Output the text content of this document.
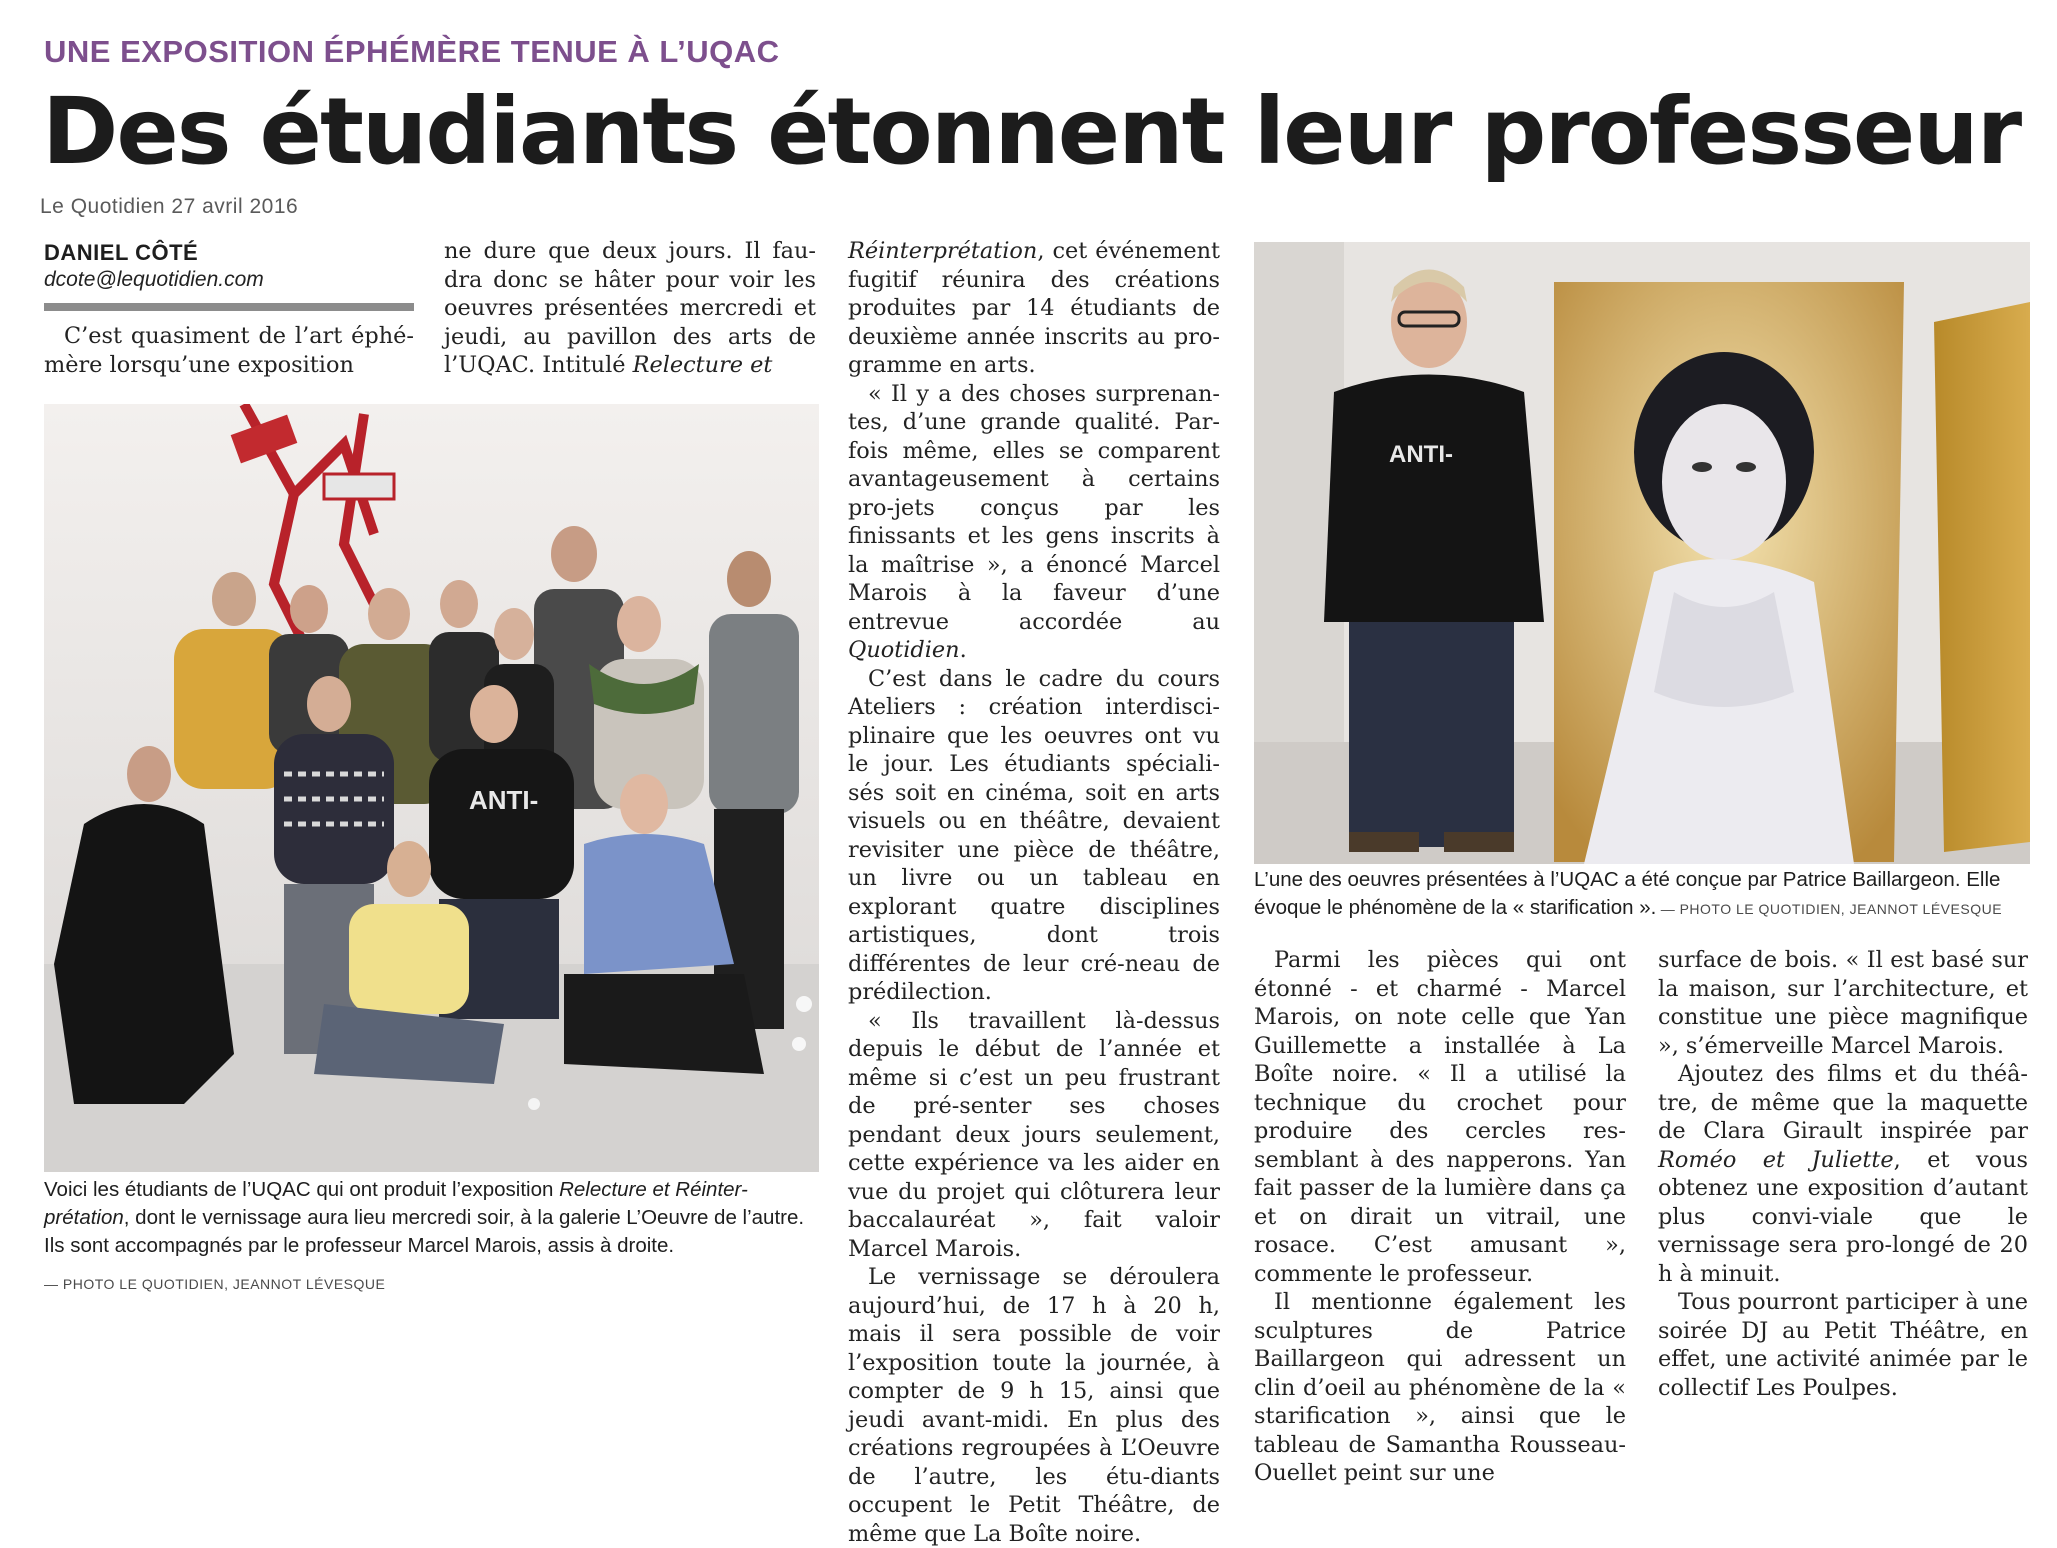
UNE EXPOSITION ÉPHÉMÈRE TENUE À L’UQAC
Des étudiants étonnent leur professeur
Le Quotidien 27 avril 2016
DANIEL CÔTÉ
dcote@lequotidien.com

C’est quasiment de l’art éphé-mère lorsqu’une exposition

ne dure que deux jours. Il fau-dra donc se hâter pour voir les oeuvres présentées mercredi et jeudi, au pavillon des arts de l’UQAC. Intitulé Relecture et

ANTI-
Voici les étudiants de l’UQAC qui ont produit l’exposition Relecture et Réinter-prétation, dont le vernissage aura lieu mercredi soir, à la galerie L’Oeuvre de l’autre. Ils sont accompagnés par le professeur Marcel Marois, assis à droite.
— PHOTO LE QUOTIDIEN, JEANNOT LÉVESQUE

Réinterprétation, cet événement fugitif réunira des créations produites par 14 étudiants de deuxième année inscrits au pro-gramme en arts.

« Il y a des choses surprenan-tes, d’une grande qualité. Par-fois même, elles se comparent avantageusement à certains pro-jets conçus par les finissants et les gens inscrits à la maîtrise », a énoncé Marcel Marois à la faveur d’une entrevue accordée au Quotidien.

C’est dans le cadre du cours Ateliers : création interdisci-plinaire que les oeuvres ont vu le jour. Les étudiants spéciali-sés soit en cinéma, soit en arts visuels ou en théâtre, devaient revisiter une pièce de théâtre, un livre ou un tableau en explorant quatre disciplines artistiques, dont trois différentes de leur cré-neau de prédilection.

« Ils travaillent là-dessus depuis le début de l’année et même si c’est un peu frustrant de pré-senter ses choses pendant deux jours seulement, cette expérience va les aider en vue du projet qui clôturera leur baccalauréat », fait valoir Marcel Marois.

Le vernissage se déroulera aujourd’hui, de 17 h à 20 h, mais il sera possible de voir l’exposition toute la journée, à compter de 9 h 15, ainsi que jeudi avant-midi. En plus des créations regroupées à L’Oeuvre de l’autre, les étu-diants occupent le Petit Théâtre, de même que La Boîte noire.

ANTI-
L’une des oeuvres présentées à l’UQAC a été conçue par Patrice Baillargeon. Elle évoque le phénomène de la « starification ». — PHOTO LE QUOTIDIEN, JEANNOT LÉVESQUE

Parmi les pièces qui ont étonné - et charmé - Marcel Marois, on note celle que Yan Guillemette a installée à La Boîte noire. « Il a utilisé la technique du crochet pour produire des cercles res-semblant à des napperons. Yan fait passer de la lumière dans ça et on dirait un vitrail, une rosace. C’est amusant », commente le professeur.

Il mentionne également les sculptures de Patrice Baillargeon qui adressent un clin d’oeil au phénomène de la « starification », ainsi que le tableau de Samantha Rousseau-Ouellet peint sur une

surface de bois. « Il est basé sur la maison, sur l’architecture, et constitue une pièce magnifique », s’émerveille Marcel Marois.

Ajoutez des films et du théâ-tre, de même que la maquette de Clara Girault inspirée par Roméo et Juliette, et vous obtenez une exposition d’autant plus convi-viale que le vernissage sera pro-longé de 20 h à minuit.

Tous pourront participer à une soirée DJ au Petit Théâtre, en effet, une activité animée par le collectif Les Poulpes.
